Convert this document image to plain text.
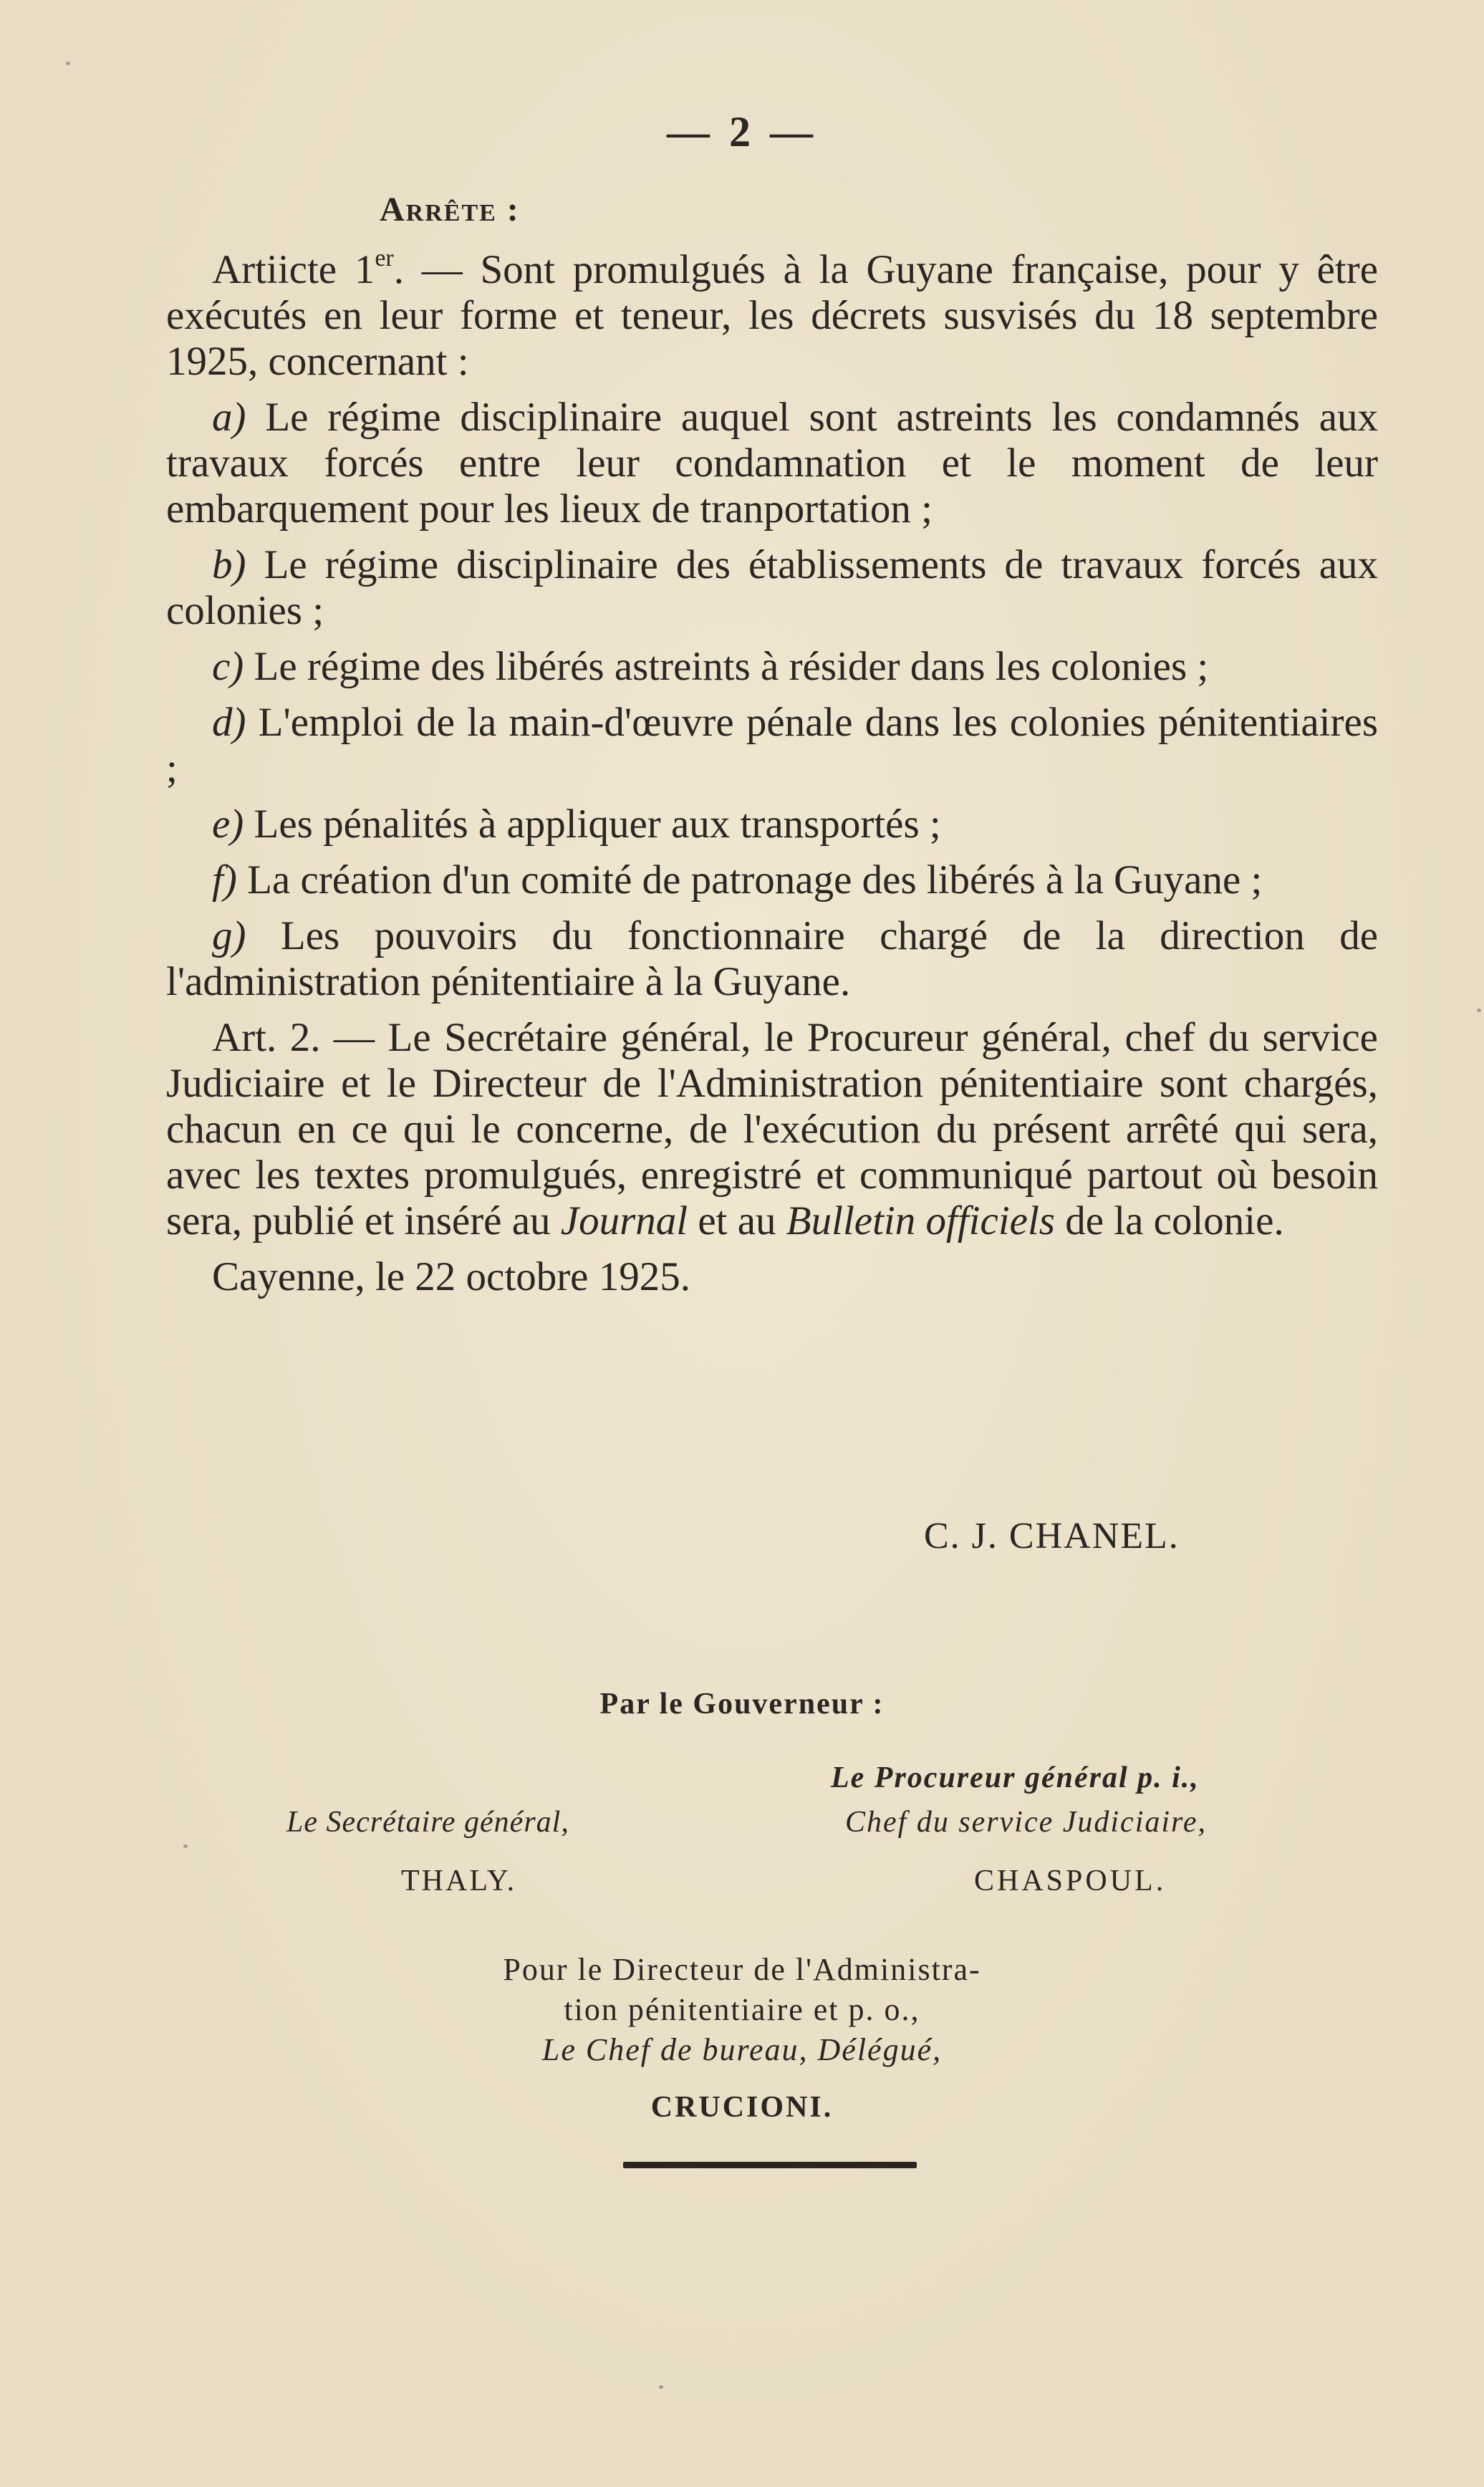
— 2 —
Arrête :

Artiicte 1er. — Sont promulgués à la Guyane française, pour y être exécutés en leur forme et teneur, les décrets susvisés du 18 septembre 1925, concernant :

a) Le régime disciplinaire auquel sont astreints les condamnés aux travaux forcés entre leur condamnation et le moment de leur embarquement pour les lieux de tranportation ;

b) Le régime disciplinaire des établissements de travaux forcés aux colonies ;

c) Le régime des libérés astreints à résider dans les colonies ;

d) L'emploi de la main-d'œuvre pénale dans les colonies pénitentiaires ;

e) Les pénalités à appliquer aux transportés ;

f) La création d'un comité de patronage des libérés à la Guyane ;

g) Les pouvoirs du fonctionnaire chargé de la direction de l'administration pénitentiaire à la Guyane.

Art. 2. — Le Secrétaire général, le Procureur général, chef du service Judiciaire et le Directeur de l'Administration pénitentiaire sont chargés, chacun en ce qui le concerne, de l'exécution du présent arrêté qui sera, avec les textes promulgués, enregistré et communiqué partout où besoin sera, publié et inséré au Journal et au Bulletin officiels de la colonie.

Cayenne, le 22 octobre 1925.

C. J. CHANEL.
Par le Gouverneur :
Le Procureur général p. i.,
Le Secrétaire général,	Chef du service Judiciaire,
THALY.	CHASPOUL.
Pour le Directeur de l'Administra-
tion pénitentiaire et p. o.,
Le Chef de bureau, Délégué,
CRUCIONI.
